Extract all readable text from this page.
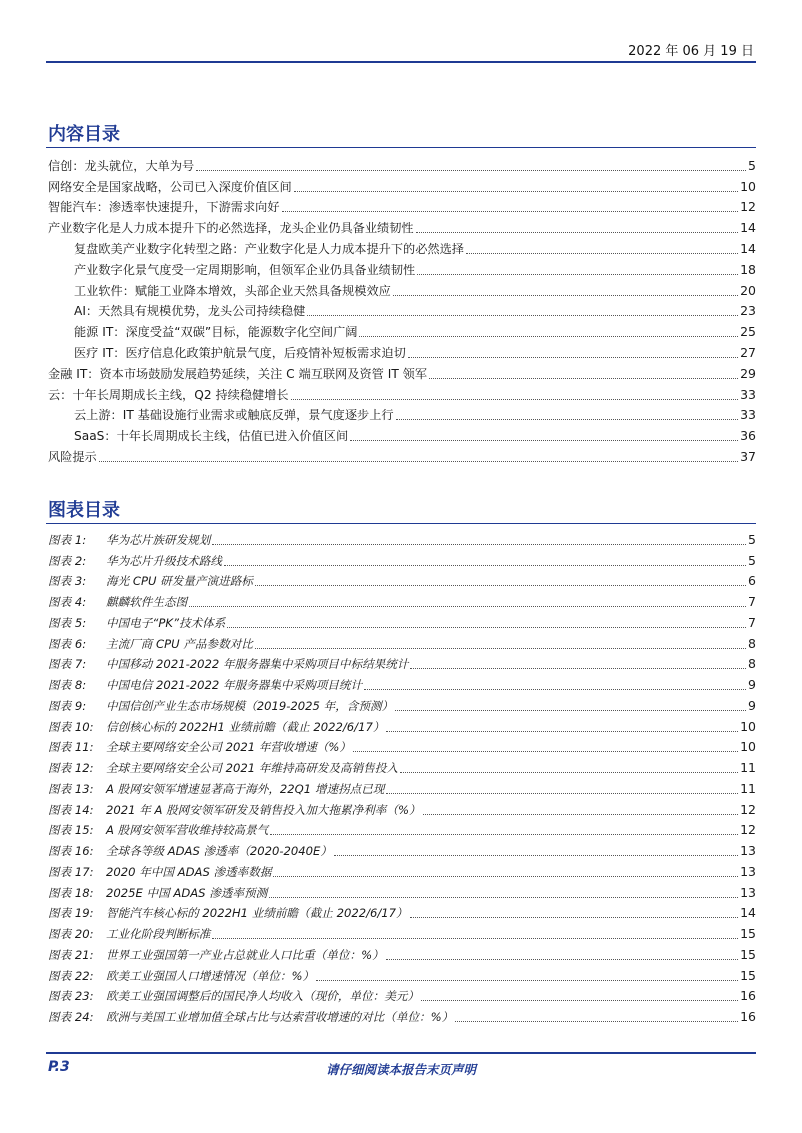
2022 年 06 月 19 日
内容目录
信创：龙头就位，大单为号	5
网络安全是国家战略，公司已入深度价值区间	10
智能汽车：渗透率快速提升，下游需求向好	12
产业数字化是人力成本提升下的必然选择，龙头企业仍具备业绩韧性	14
复盘欧美产业数字化转型之路：产业数字化是人力成本提升下的必然选择	14
产业数字化景气度受一定周期影响，但领军企业仍具备业绩韧性	18
工业软件：赋能工业降本增效，头部企业天然具备规模效应	20
AI：天然具有规模优势，龙头公司持续稳健	23
能源 IT：深度受益“双碳”目标，能源数字化空间广阔	25
医疗 IT：医疗信息化政策护航景气度，后疫情补短板需求迫切	27
金融 IT：资本市场鼓励发展趋势延续，关注 C 端互联网及资管 IT 领军	29
云：十年长周期成长主线，Q2 持续稳健增长	33
云上游：IT 基础设施行业需求或触底反弹，景气度逐步上行	33
SaaS：十年长周期成长主线，估值已进入价值区间	36
风险提示	37
图表目录
图表 1:	华为芯片族研发规划	5
图表 2:	华为芯片升级技术路线	5
图表 3:	海光 CPU 研发量产演进路标	6
图表 4:	麒麟软件生态图	7
图表 5:	中国电子“PK”技术体系	7
图表 6:	主流厂商 CPU 产品参数对比	8
图表 7:	中国移动 2021-2022 年服务器集中采购项目中标结果统计	8
图表 8:	中国电信 2021-2022 年服务器集中采购项目统计	9
图表 9:	中国信创产业生态市场规模（2019-2025 年，含预测）	9
图表 10:	信创核心标的 2022H1 业绩前瞻（截止 2022/6/17）	10
图表 11:	全球主要网络安全公司 2021 年营收增速（%）	10
图表 12:	全球主要网络安全公司 2021 年维持高研发及高销售投入	11
图表 13:	A 股网安领军增速显著高于海外，22Q1 增速拐点已现	11
图表 14:	2021 年 A 股网安领军研发及销售投入加大拖累净利率（%）	12
图表 15:	A 股网安领军营收维持较高景气	12
图表 16:	全球各等级 ADAS 渗透率（2020-2040E）	13
图表 17:	2020 年中国 ADAS 渗透率数据	13
图表 18:	2025E 中国 ADAS 渗透率预测	13
图表 19:	智能汽车核心标的 2022H1 业绩前瞻（截止 2022/6/17）	14
图表 20:	工业化阶段判断标准	15
图表 21:	世界工业强国第一产业占总就业人口比重（单位：%）	15
图表 22:	欧美工业强国人口增速情况（单位：%）	15
图表 23:	欧美工业强国调整后的国民净人均收入（现价，单位：美元）	16
图表 24:	欧洲与美国工业增加值全球占比与达索营收增速的对比（单位：%）	16
P.3	请仔细阅读本报告末页声明
